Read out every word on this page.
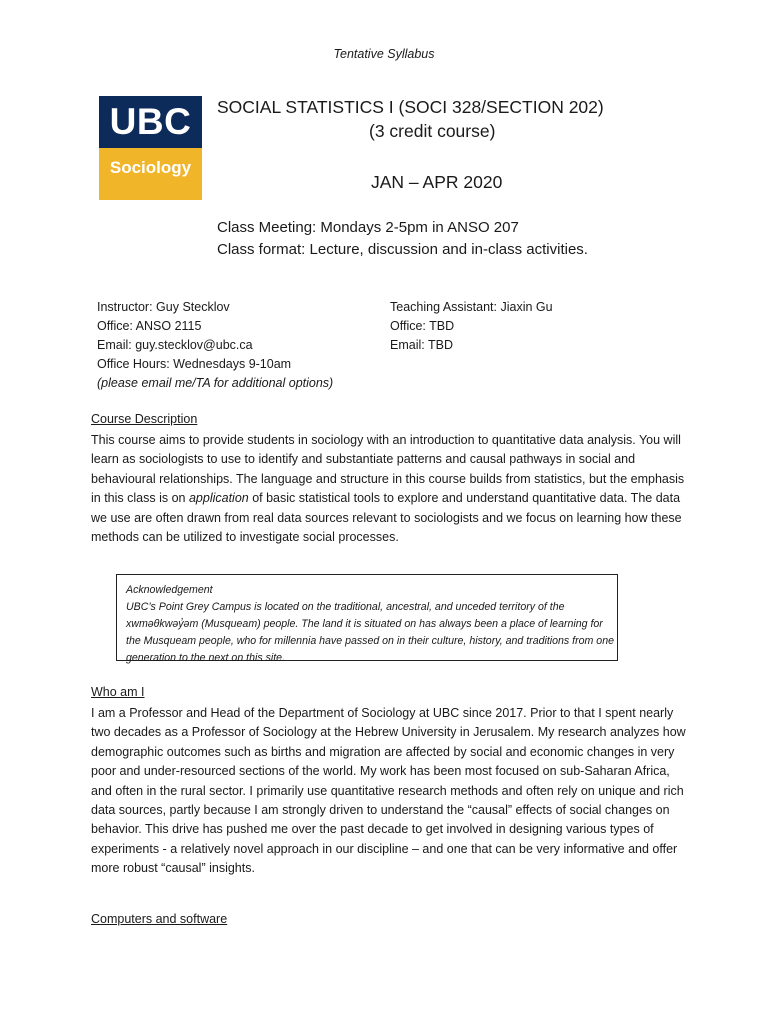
Tentative Syllabus
UBC
Sociology
SOCIAL STATISTICS I (SOCI 328/SECTION 202)
(3 credit course)
JAN – APR 2020
Class Meeting: Mondays 2-5pm in ANSO 207
Class format: Lecture, discussion and in-class activities.
Instructor: Guy Stecklov
Office: ANSO 2115
Email: guy.stecklov@ubc.ca
Office Hours: Wednesdays 9-10am
(please email me/TA for additional options)
Teaching Assistant: Jiaxin Gu
Office: TBD
Email: TBD
Course Description
This course aims to provide students in sociology with an introduction to quantitative data analysis. You will learn as sociologists to use to identify and substantiate patterns and causal pathways in social and behavioural relationships. The language and structure in this course builds from statistics, but the emphasis in this class is on application of basic statistical tools to explore and understand quantitative data. The data we use are often drawn from real data sources relevant to sociologists and we focus on learning how these methods can be utilized to investigate social processes.
Acknowledgement
UBC’s Point Grey Campus is located on the traditional, ancestral, and unceded territory of the xwməθkwəy̓əm (Musqueam) people. The land it is situated on has always been a place of learning for the Musqueam people, who for millennia have passed on in their culture, history, and traditions from one generation to the next on this site.
Who am I
I am a Professor and Head of the Department of Sociology at UBC since 2017. Prior to that I spent nearly two decades as a Professor of Sociology at the Hebrew University in Jerusalem. My research analyzes how demographic outcomes such as births and migration are affected by social and economic changes in very poor and under-resourced sections of the world. My work has been most focused on sub-Saharan Africa, and often in the rural sector. I primarily use quantitative research methods and often rely on unique and rich data sources, partly because I am strongly driven to understand the “causal” effects of social changes on behavior. This drive has pushed me over the past decade to get involved in designing various types of experiments - a relatively novel approach in our discipline – and one that can be very informative and offer more robust “causal” insights.
Computers and software
